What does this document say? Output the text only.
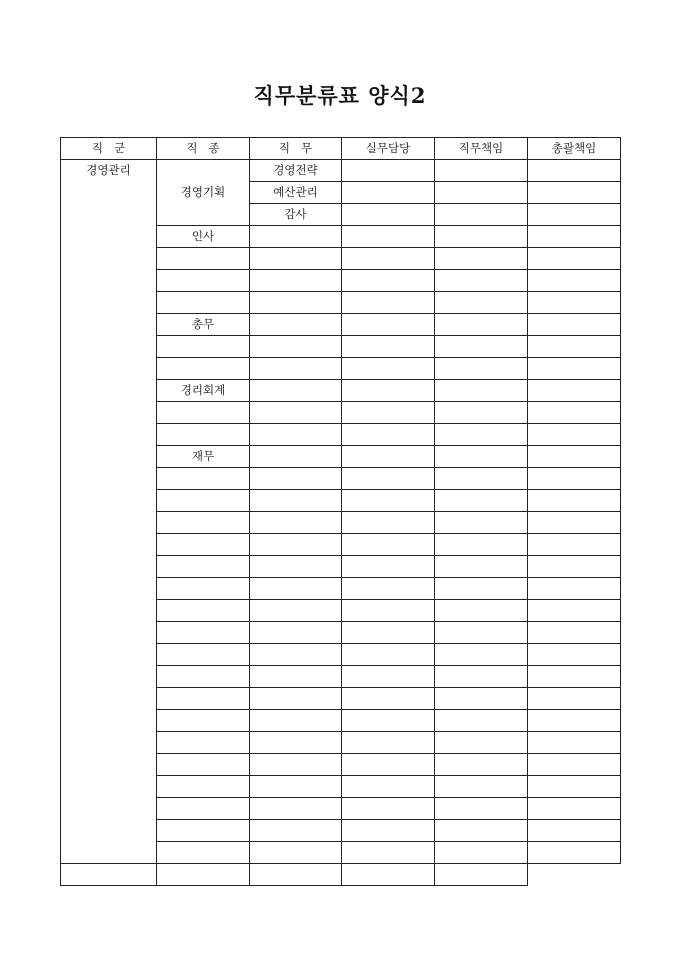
직무분류표 양식2
직군	직종	직무	실무담당	직무책임	총괄책임
경영관리	경영기획	경영전략			
		예산관리			
		감사			
	인사				

	총무				

	경리회계				

	재무				
